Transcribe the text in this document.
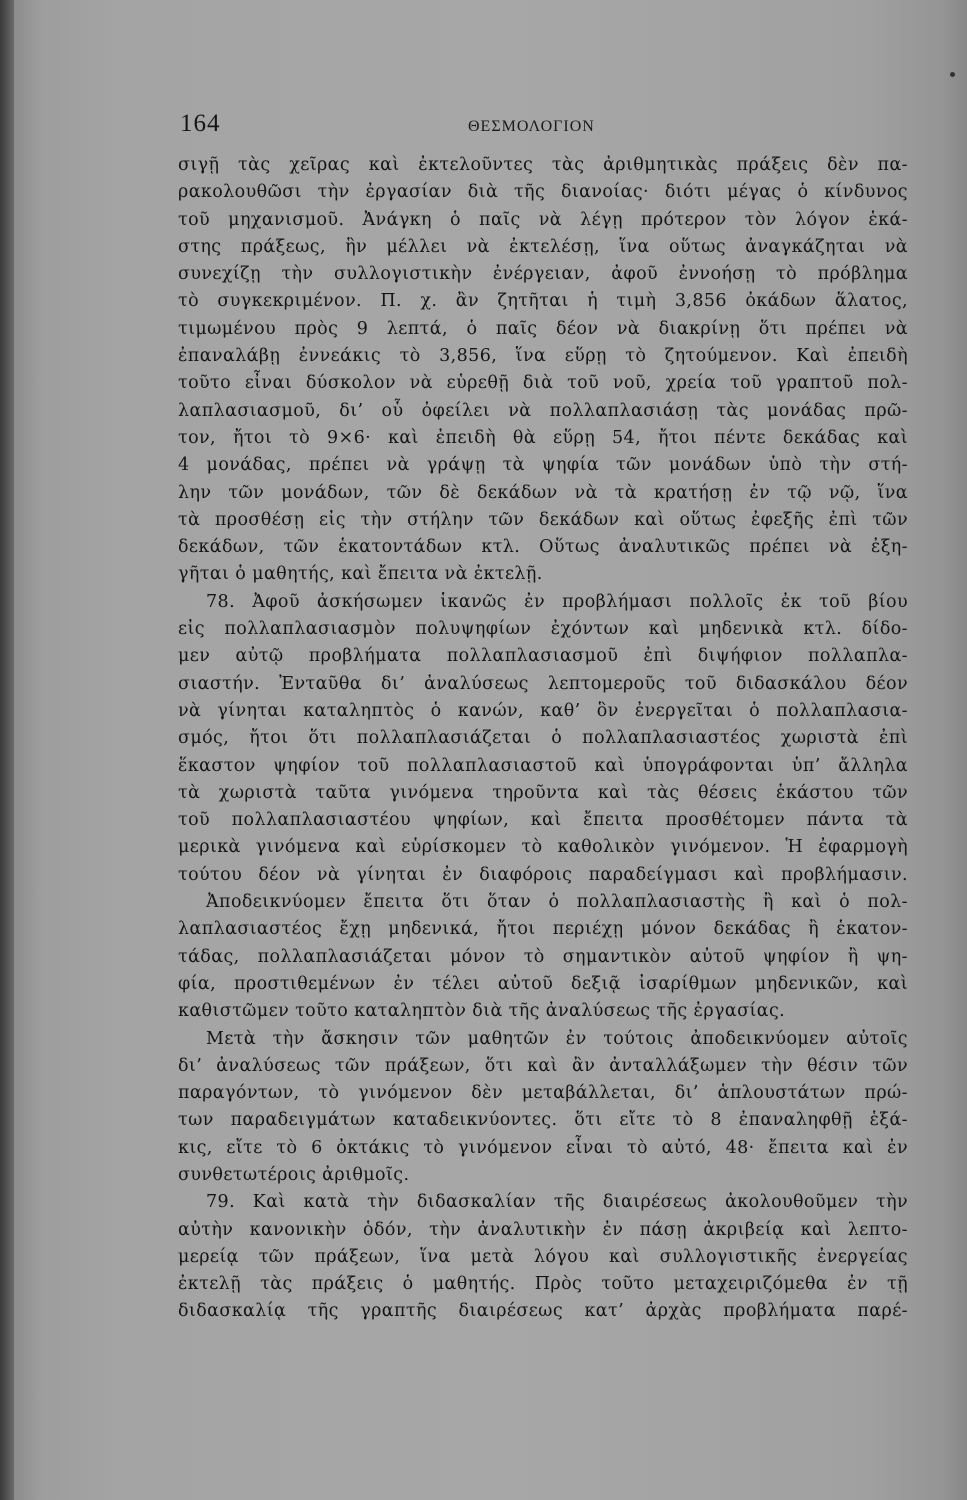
164	ΘΕΣΜΟΛΟΓΙΟΝ
σιγῇ τὰς χεῖρας καὶ ἐκτελοῦντες τὰς ἀριθμητικὰς πράξεις δὲν πα-
ρακολουθῶσι τὴν ἐργασίαν διὰ τῆς διανοίας· διότι μέγας ὁ κίνδυνος
τοῦ μηχανισμοῦ. Ἀνάγκη ὁ παῖς νὰ λέγῃ πρότερον τὸν λόγον ἑκά-
στης πράξεως, ἣν μέλλει νὰ ἐκτελέσῃ, ἵνα οὕτως ἀναγκάζηται νὰ
συνεχίζῃ τὴν συλλογιστικὴν ἐνέργειαν, ἀφοῦ ἐννοήσῃ τὸ πρόβλημα
τὸ συγκεκριμένον. Π. χ. ἂν ζητῆται ἡ τιμὴ 3,856 ὀκάδων ἅλατος,
τιμωμένου πρὸς 9 λεπτά, ὁ παῖς δέον νὰ διακρίνῃ ὅτι πρέπει νὰ
ἐπαναλάβῃ ἐννεάκις τὸ 3,856, ἵνα εὕρῃ τὸ ζητούμενον. Καὶ ἐπειδὴ
τοῦτο εἶναι δύσκολον νὰ εὑρεθῇ διὰ τοῦ νοῦ, χρεία τοῦ γραπτοῦ πολ-
λαπλασιασμοῦ, δι’ οὗ ὀφείλει νὰ πολλαπλασιάσῃ τὰς μονάδας πρῶ-
τον, ἤτοι τὸ 9×6· καὶ ἐπειδὴ θὰ εὕρῃ 54, ἤτοι πέντε δεκάδας καὶ
4 μονάδας, πρέπει νὰ γράψῃ τὰ ψηφία τῶν μονάδων ὑπὸ τὴν στή-
λην τῶν μονάδων, τῶν δὲ δεκάδων νὰ τὰ κρατήσῃ ἐν τῷ νῷ, ἵνα
τὰ προσθέσῃ εἰς τὴν στήλην τῶν δεκάδων καὶ οὕτως ἐφεξῆς ἐπὶ τῶν
δεκάδων, τῶν ἑκατοντάδων κτλ. Οὕτως ἀναλυτικῶς πρέπει νὰ ἐξη-
γῆται ὁ μαθητής, καὶ ἔπειτα νὰ ἐκτελῇ.
78. Ἀφοῦ ἀσκήσωμεν ἱκανῶς ἐν προβλήμασι πολλοῖς ἐκ τοῦ βίου
εἰς πολλαπλασιασμὸν πολυψηφίων ἐχόντων καὶ μηδενικὰ κτλ. δίδο-
μεν αὐτῷ προβλήματα πολλαπλασιασμοῦ ἐπὶ διψήφιον πολλαπλα-
σιαστήν. Ἐνταῦθα δι’ ἀναλύσεως λεπτομεροῦς τοῦ διδασκάλου δέον
νὰ γίνηται καταληπτὸς ὁ κανών, καθ’ ὃν ἐνεργεῖται ὁ πολλαπλασια-
σμός, ἤτοι ὅτι πολλαπλασιάζεται ὁ πολλαπλασιαστέος χωριστὰ ἐπὶ
ἕκαστον ψηφίον τοῦ πολλαπλασιαστοῦ καὶ ὑπογράφονται ὑπ’ ἄλληλα
τὰ χωριστὰ ταῦτα γινόμενα τηροῦντα καὶ τὰς θέσεις ἑκάστου τῶν
τοῦ πολλαπλασιαστέου ψηφίων, καὶ ἔπειτα προσθέτομεν πάντα τὰ
μερικὰ γινόμενα καὶ εὑρίσκομεν τὸ καθολικὸν γινόμενον. Ἡ ἐφαρμογὴ
τούτου δέον νὰ γίνηται ἐν διαφόροις παραδείγμασι καὶ προβλήμασιν.
Ἀποδεικνύομεν ἔπειτα ὅτι ὅταν ὁ πολλαπλασιαστὴς ἢ καὶ ὁ πολ-
λαπλασιαστέος ἔχῃ μηδενικά, ἤτοι περιέχῃ μόνον δεκάδας ἢ ἑκατον-
τάδας, πολλαπλασιάζεται μόνον τὸ σημαντικὸν αὐτοῦ ψηφίον ἢ ψη-
φία, προστιθεμένων ἐν τέλει αὐτοῦ δεξιᾷ ἰσαρίθμων μηδενικῶν, καὶ
καθιστῶμεν τοῦτο καταληπτὸν διὰ τῆς ἀναλύσεως τῆς ἐργασίας.
Μετὰ τὴν ἄσκησιν τῶν μαθητῶν ἐν τούτοις ἀποδεικνύομεν αὐτοῖς
δι’ ἀναλύσεως τῶν πράξεων, ὅτι καὶ ἂν ἀνταλλάξωμεν τὴν θέσιν τῶν
παραγόντων, τὸ γινόμενον δὲν μεταβάλλεται, δι’ ἁπλουστάτων πρώ-
των παραδειγμάτων καταδεικνύοντες. ὅτι εἴτε τὸ 8 ἐπαναληφθῇ ἑξά-
κις, εἴτε τὸ 6 ὀκτάκις τὸ γινόμενον εἶναι τὸ αὐτό, 48· ἔπειτα καὶ ἐν
συνθετωτέροις ἀριθμοῖς.
79. Καὶ κατὰ τὴν διδασκαλίαν τῆς διαιρέσεως ἀκολουθοῦμεν τὴν
αὐτὴν κανονικὴν ὁδόν, τὴν ἀναλυτικὴν ἐν πάσῃ ἀκριβείᾳ καὶ λεπτο-
μερείᾳ τῶν πράξεων, ἵνα μετὰ λόγου καὶ συλλογιστικῆς ἐνεργείας
ἐκτελῇ τὰς πράξεις ὁ μαθητής. Πρὸς τοῦτο μεταχειριζόμεθα ἐν τῇ
διδασκαλίᾳ τῆς γραπτῆς διαιρέσεως κατ’ ἀρχὰς προβλήματα παρέ-
